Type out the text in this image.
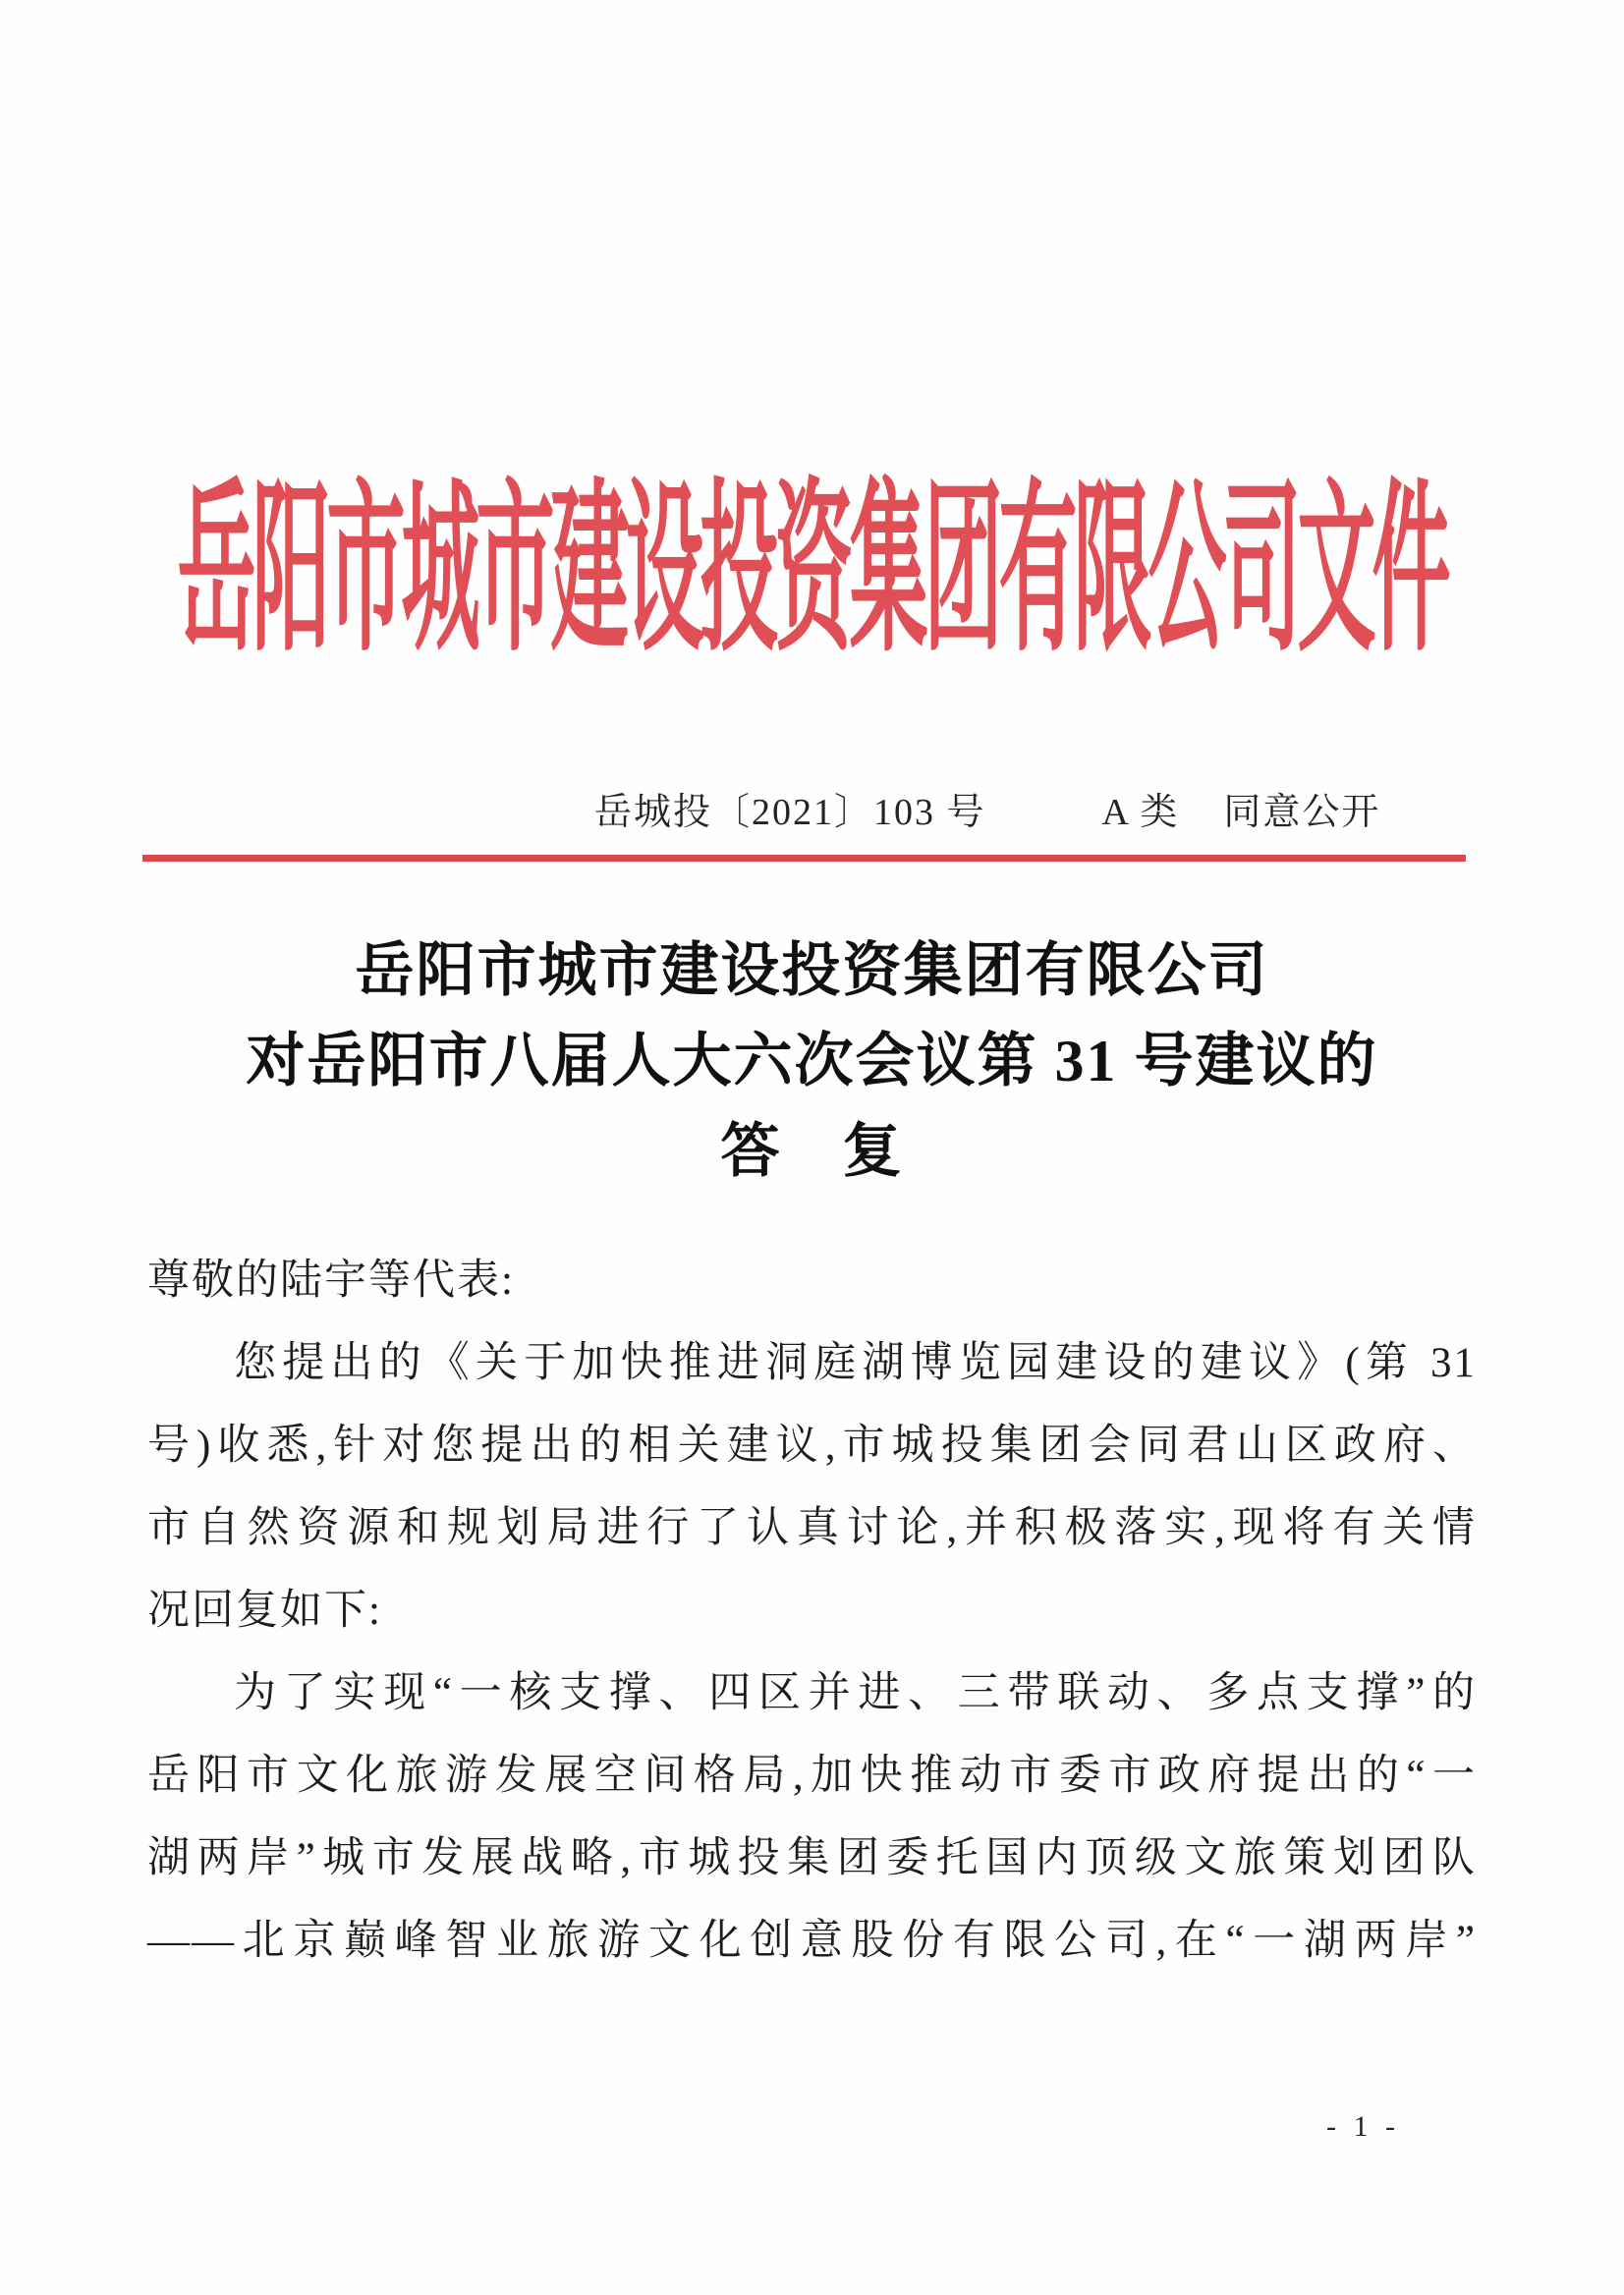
岳阳市城市建设投资集团有限公司文件
岳城投〔2021〕103 号	A 类 同意公开
岳阳市城市建设投资集团有限公司
对岳阳市八届人大六次会议第 31 号建议的
答　复
尊敬的陆宇等代表:
您提出的《关于加快推进洞庭湖博览园建设的建议》(第 31
号)收悉,针对您提出的相关建议,市城投集团会同君山区政府、
市自然资源和规划局进行了认真讨论,并积极落实,现将有关情
况回复如下:
为了实现“一核支撑、四区并进、三带联动、多点支撑”的
岳阳市文化旅游发展空间格局,加快推动市委市政府提出的“一
湖两岸”城市发展战略,市城投集团委托国内顶级文旅策划团队
——北京巅峰智业旅游文化创意股份有限公司,在“一湖两岸”
- 1 -
